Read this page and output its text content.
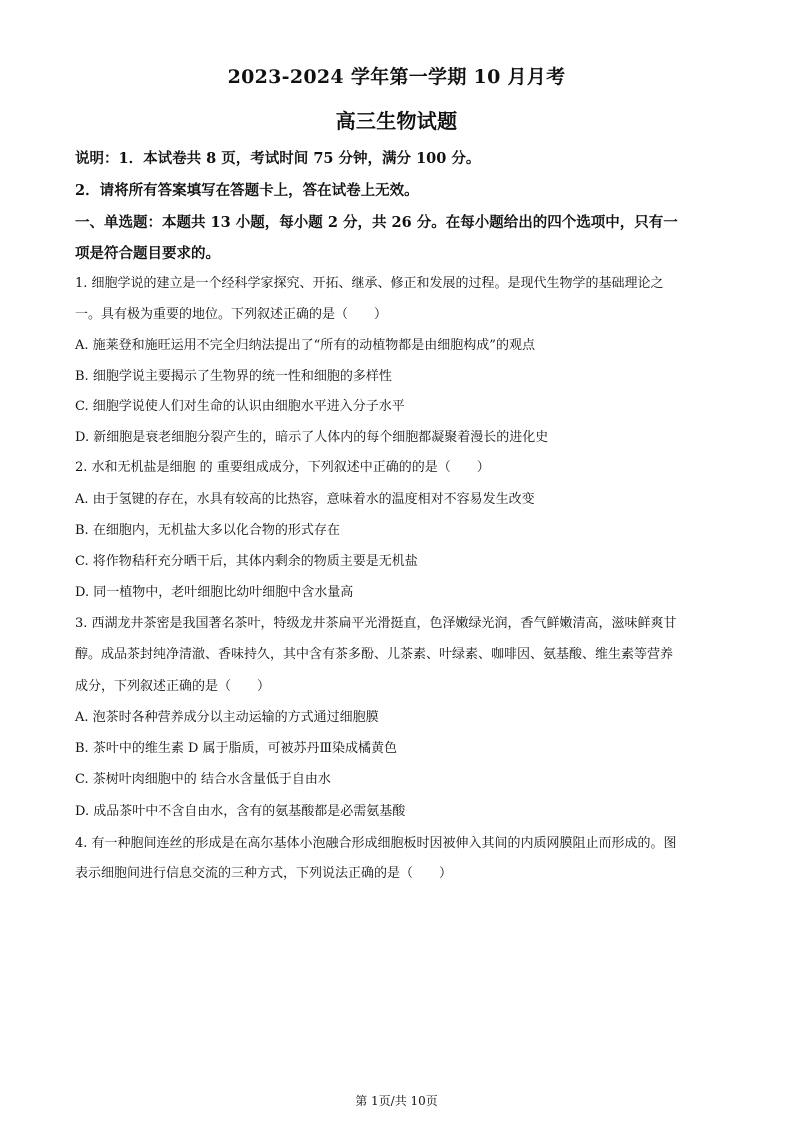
2023-2024 学年第一学期 10 月月考
高三生物试题
说明：1．本试卷共 8 页，考试时间 75 分钟，满分 100 分。
2．请将所有答案填写在答题卡上，答在试卷上无效。
一、单选题：本题共 13 小题，每小题 2 分，共 26 分。在每小题给出的四个选项中，只有一
项是符合题目要求的。
1. 细胞学说的建立是一个经科学家探究、开拓、继承、修正和发展的过程。是现代生物学的基础理论之
一。具有极为重要的地位。下列叙述正确的是（　　）
A. 施莱登和施旺运用不完全归纳法提出了“所有的动植物都是由细胞构成”的观点
B. 细胞学说主要揭示了生物界的统一性和细胞的多样性
C. 细胞学说使人们对生命的认识由细胞水平进入分子水平
D. 新细胞是衰老细胞分裂产生的，暗示了人体内的每个细胞都凝聚着漫长的进化史
2. 水和无机盐是细胞 的 重要组成成分，下列叙述中正确的的是（　　）
A. 由于氢键的存在，水具有较高的比热容，意味着水的温度相对不容易发生改变
B. 在细胞内，无机盐大多以化合物的形式存在
C. 将作物秸秆充分晒干后，其体内剩余的物质主要是无机盐
D. 同一植物中，老叶细胞比幼叶细胞中含水量高
3. 西湖龙井茶密是我国著名茶叶，特级龙井茶扁平光滑挺直，色泽嫩绿光润，香气鲜嫩清高，滋味鲜爽甘
醇。成品茶封纯净清澈、香味持久，其中含有茶多酚、儿茶素、叶绿素、咖啡因、氨基酸、维生素等营养
成分，下列叙述正确的是（　　）
A. 泡茶时各种营养成分以主动运输的方式通过细胞膜
B. 茶叶中的维生素 D 属于脂质，可被苏丹Ⅲ染成橘黄色
C. 茶树叶肉细胞中的 结合水含量低于自由水
D. 成品茶叶中不含自由水，含有的氨基酸都是必需氨基酸
4. 有一种胞间连丝的形成是在高尔基体小泡融合形成细胞板时因被伸入其间的内质网膜阻止而形成的。图
表示细胞间进行信息交流的三种方式，下列说法正确的是（　　）
第 1页/共 10页
